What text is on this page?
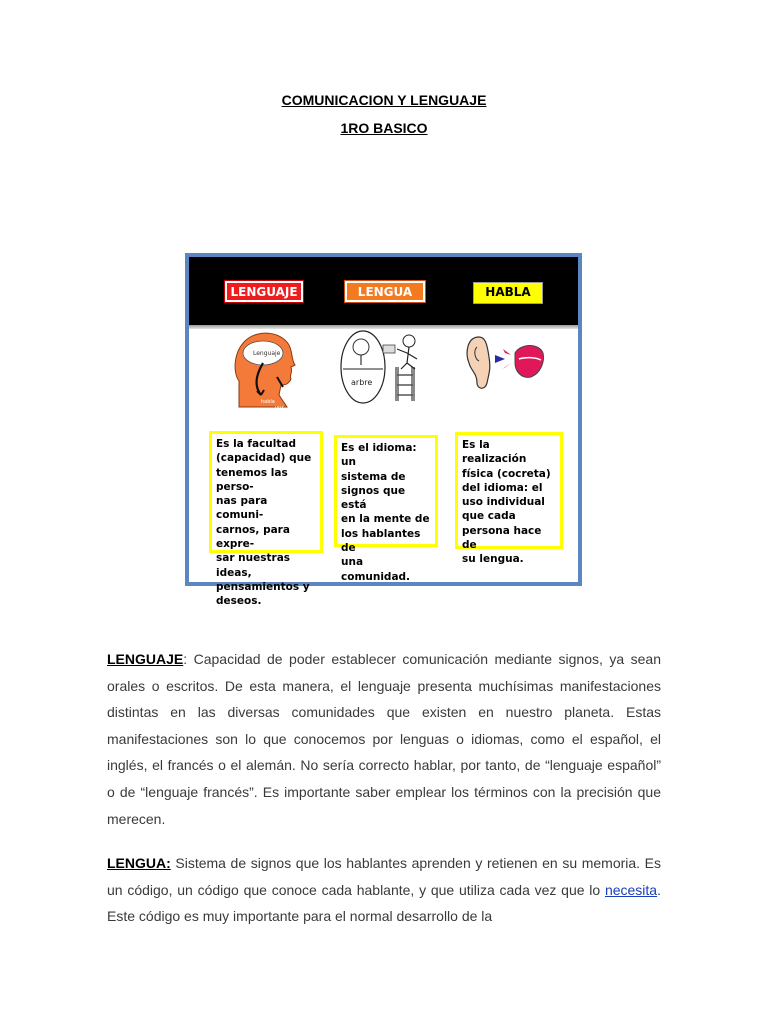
COMUNICACION Y LENGUAJE
1RO BASICO
LENGUAJE	LENGUA	HABLA
Lenguaje
habla
voz
arbre
Es la facultad
(capacidad) que
tenemos las perso-
nas para comuni-
carnos, para expre-
sar nuestras ideas,
pensamientos y
deseos.
Es el idioma: un
sistema de
signos que está
en la mente de
los hablantes de
una comunidad.
Es la realización
física (cocreta)
del idioma: el
uso individual
que cada
persona hace de
su lengua.

LENGUAJE: Capacidad de poder establecer comunicación mediante signos, ya sean orales o escritos. De esta manera, el lenguaje presenta muchísimas manifestaciones distintas en las diversas comunidades que existen en nuestro planeta. Estas manifestaciones son lo que conocemos por lenguas o idiomas, como el español, el inglés, el francés o el alemán. No sería correcto hablar, por tanto, de “lenguaje español” o de “lenguaje francés”. Es importante saber emplear los términos con la precisión que merecen.

LENGUA: Sistema de signos que los hablantes aprenden y retienen en su memoria. Es un código, un código que conoce cada hablante, y que utiliza cada vez que lo necesita. Este código es muy importante para el normal desarrollo de la
